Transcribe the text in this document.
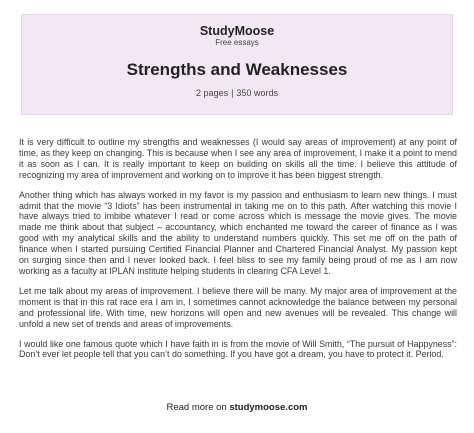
StudyMoose
Free essays
Strengths and Weaknesses
2 pages | 350 words

It is very difficult to outline my strengths and weaknesses (I would say areas of improvement) at any point of time, as they keep on changing. This is because when I see any area of improvement, I make it a point to mend it as soon as I can. It is really important to keep on building on skills all the time. I believe this attitude of recognizing my area of improvement and working on to improve it has been biggest strength.

Another thing which has always worked in my favor is my passion and enthusiasm to learn new things. I must admit that the movie “3 Idiots” has been instrumental in taking me on to this path. After watching this movie I have always tried to imbibe whatever I read or come across which is message the movie gives. The movie made me think about that subject – accountancy, which enchanted me toward the career of finance as I was good with my analytical skills and the ability to understand numbers quickly. This set me off on the path of finance when I started pursuing Certified Financial Planner and Chartered Financial Analyst. My passion kept on surging since then and I never looked back. I feel bliss to see my family being proud of me as I am now working as a faculty at IPLAN institute helping students in clearing CFA Level 1.

Let me talk about my areas of improvement. I believe there will be many. My major area of improvement at the moment is that in this rat race era I am in, I sometimes cannot acknowledge the balance between my personal and professional life. With time, new horizons will open and new avenues will be revealed. This change will unfold a new set of trends and areas of improvements.

I would like one famous quote which I have faith in is from the movie of Will Smith, “The pursuit of Happyness”: Don’t ever let people tell that you can’t do something. If you have got a dream, you have to protect it. Period.

Read more on studymoose.com
